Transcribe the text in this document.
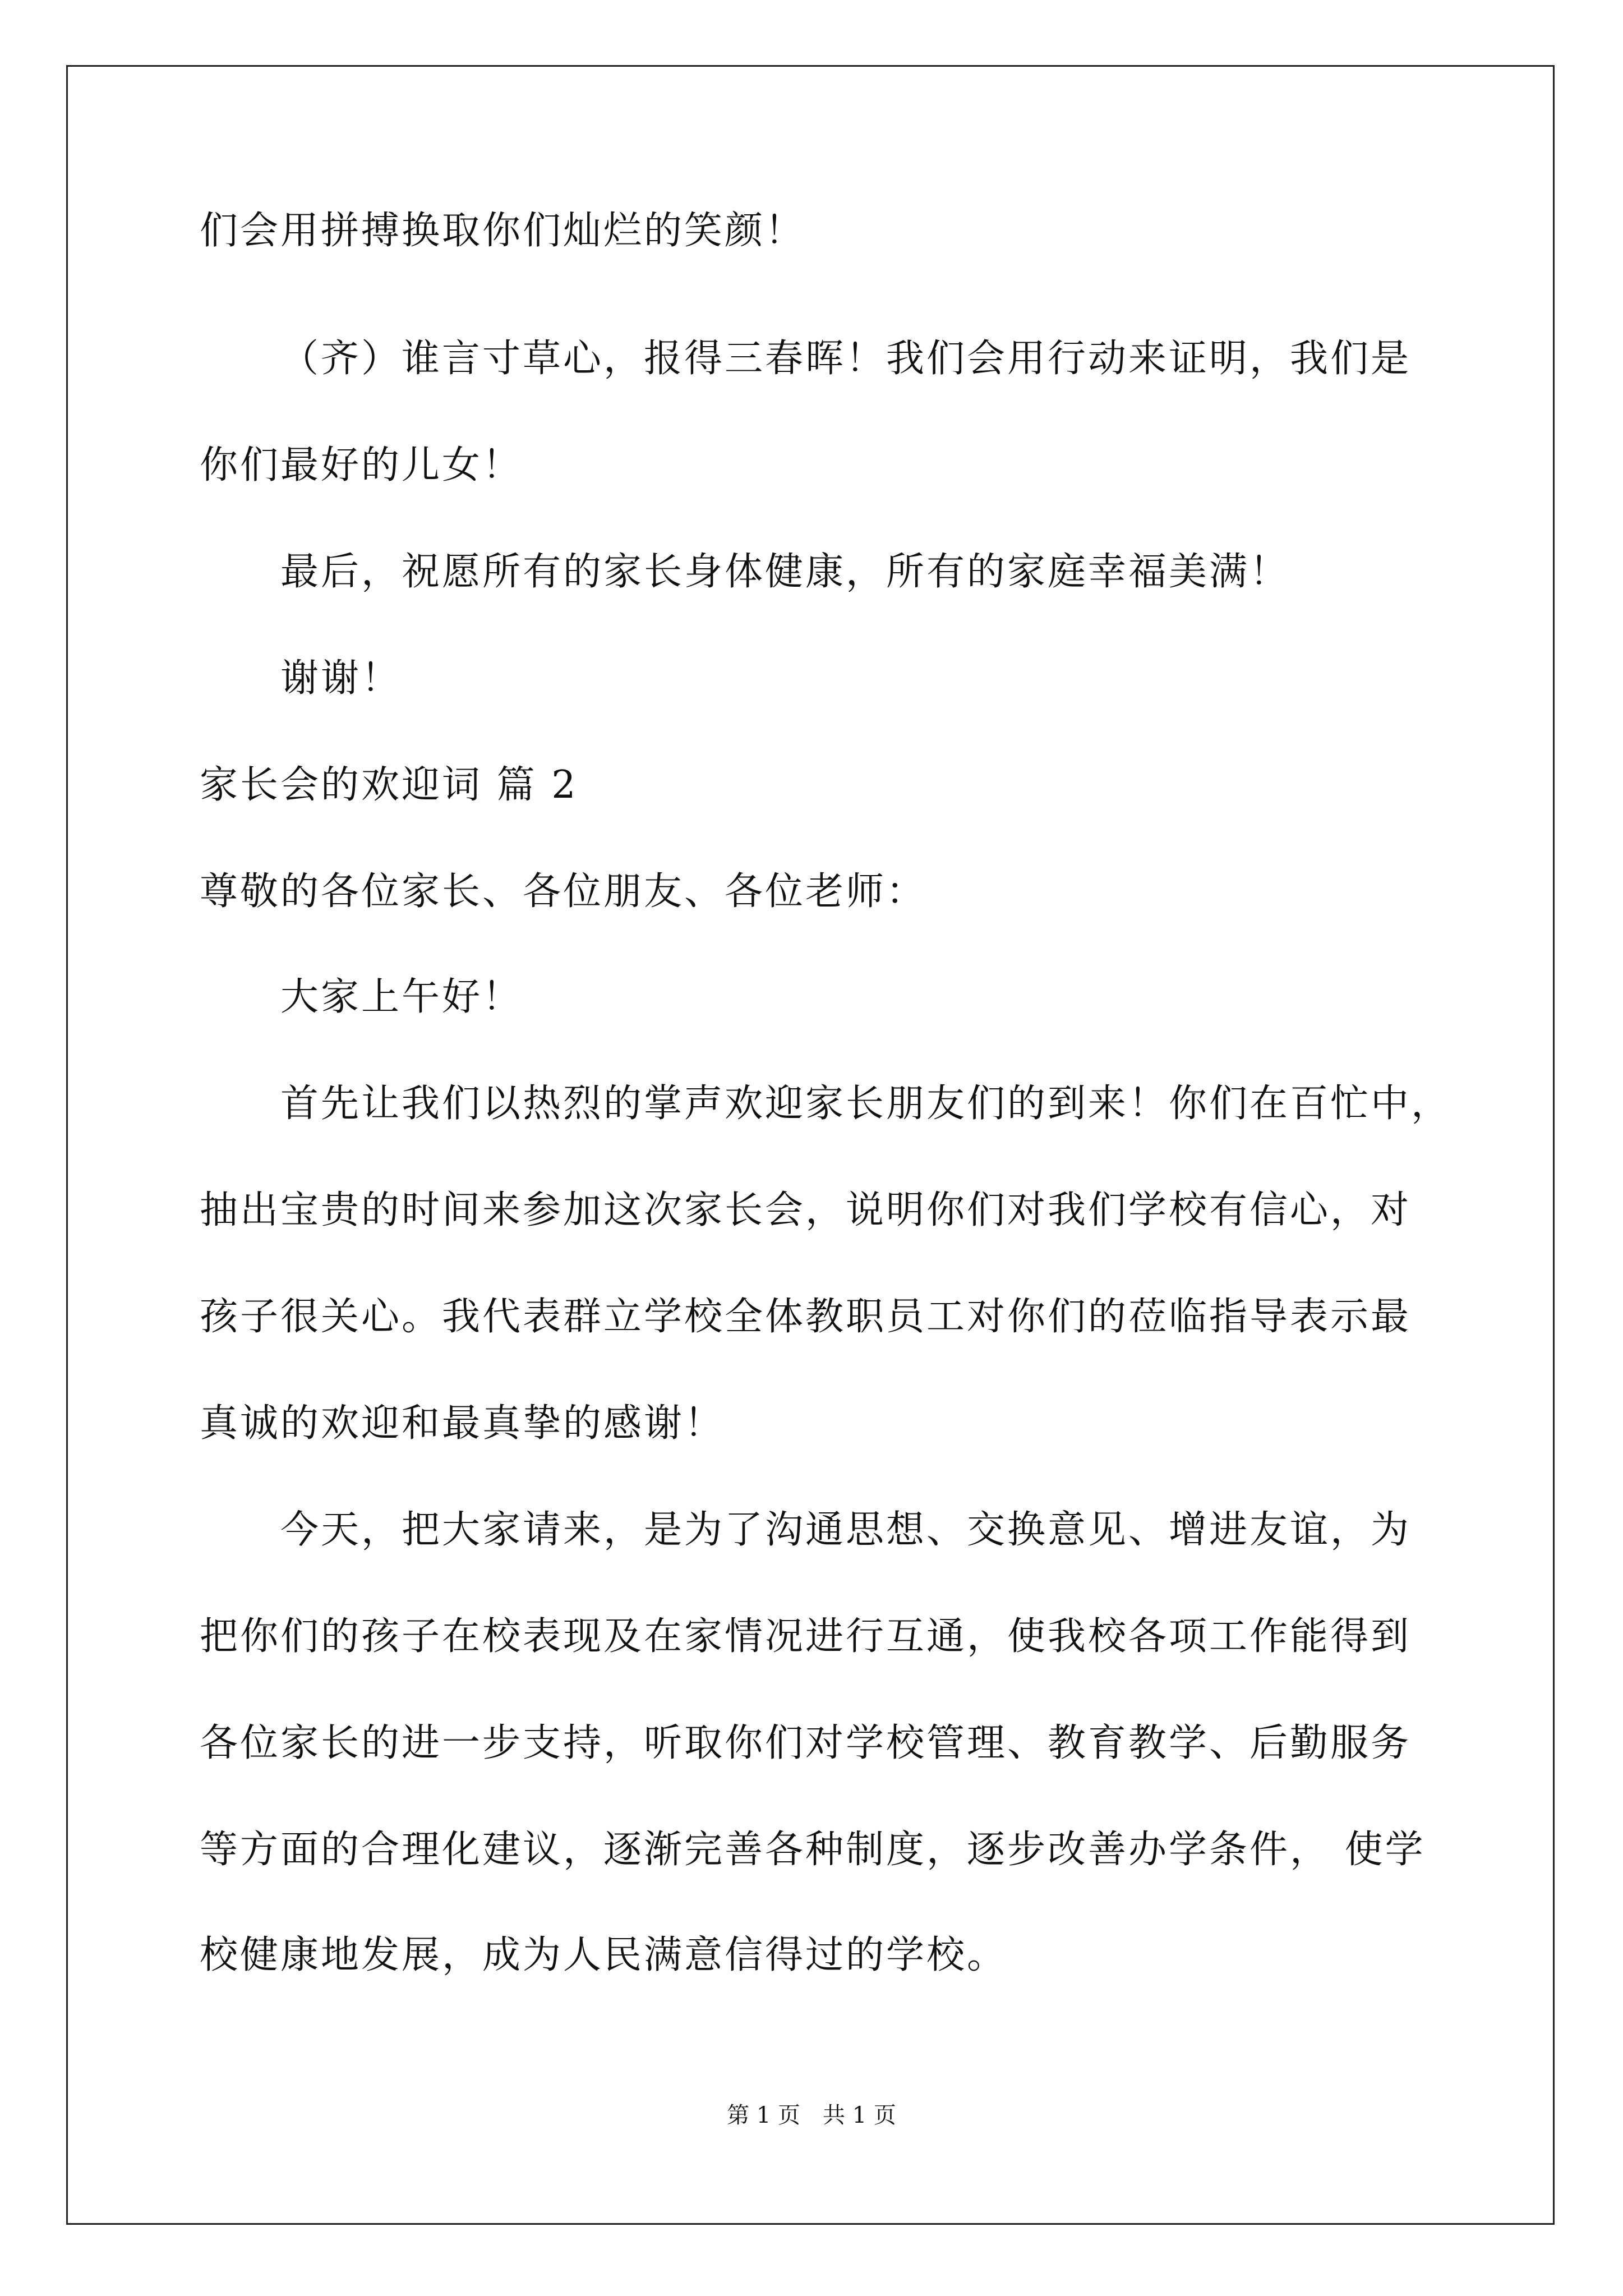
们会用拼搏换取你们灿烂的笑颜！
（齐）谁言寸草心，报得三春晖！我们会用行动来证明，我们是
你们最好的儿女！
最后，祝愿所有的家长身体健康，所有的家庭幸福美满！
谢谢！
家长会的欢迎词 篇 2
尊敬的各位家长、各位朋友、各位老师：
大家上午好！
首先让我们以热烈的掌声欢迎家长朋友们的到来！你们在百忙中，
抽出宝贵的时间来参加这次家长会，说明你们对我们学校有信心，对
孩子很关心。我代表群立学校全体教职员工对你们的莅临指导表示最
真诚的欢迎和最真挚的感谢！
今天，把大家请来，是为了沟通思想、交换意见、增进友谊，为
把你们的孩子在校表现及在家情况进行互通，使我校各项工作能得到
各位家长的进一步支持，听取你们对学校管理、教育教学、后勤服务
等方面的合理化建议，逐渐完善各种制度，逐步改善办学条件， 使学
校健康地发展，成为人民满意信得过的学校。
第 1 页　共 1 页
